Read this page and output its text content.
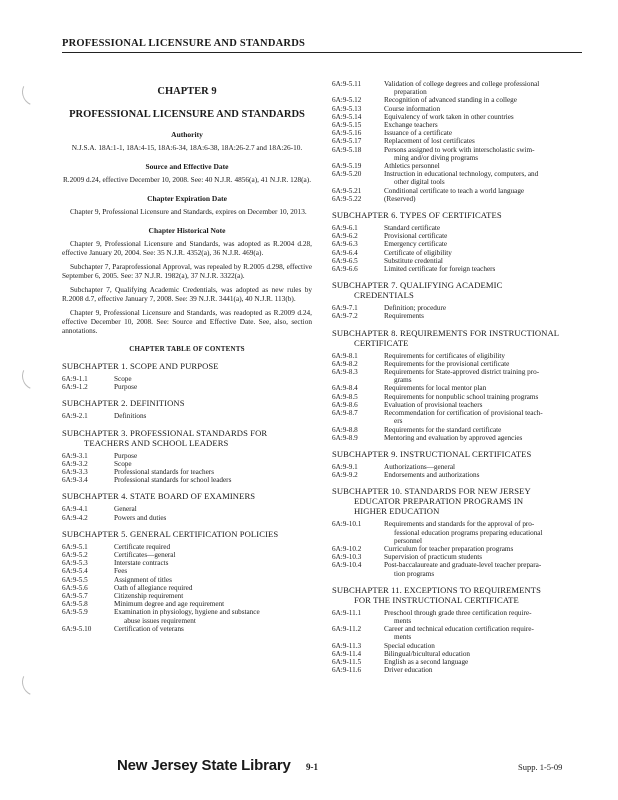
PROFESSIONAL LICENSURE AND STANDARDS
CHAPTER 9
PROFESSIONAL LICENSURE AND STANDARDS
Authority
N.J.S.A. 18A:1-1, 18A:4-15, 18A:6-34, 18A:6-38, 18A:26-2.7 and 18A:26-10.
Source and Effective Date
R.2009 d.24, effective December 10, 2008. See: 40 N.J.R. 4856(a), 41 N.J.R. 128(a).
Chapter Expiration Date

Chapter 9, Professional Licensure and Standards, expires on December 10, 2013.

Chapter Historical Note

Chapter 9, Professional Licensure and Standards, was adopted as R.2004 d.28, effective January 20, 2004. See: 35 N.J.R. 4352(a), 36 N.J.R. 469(a).

Subchapter 7, Paraprofessional Approval, was repealed by R.2005 d.298, effective September 6, 2005. See: 37 N.J.R. 1982(a), 37 N.J.R. 3322(a).

Subchapter 7, Qualifying Academic Credentials, was adopted as new rules by R.2008 d.7, effective January 7, 2008. See: 39 N.J.R. 3441(a), 40 N.J.R. 113(b).

Chapter 9, Professional Licensure and Standards, was readopted as R.2009 d.24, effective December 10, 2008. See: Source and Effective Date. See, also, section annotations.

CHAPTER TABLE OF CONTENTS
SUBCHAPTER 1. SCOPE AND PURPOSE
6A:9-1.1	Scope
6A:9-1.2	Purpose
SUBCHAPTER 2. DEFINITIONS
6A:9-2.1	Definitions
SUBCHAPTER 3. PROFESSIONAL STANDARDS FOR
TEACHERS AND SCHOOL LEADERS
6A:9-3.1	Purpose
6A:9-3.2	Scope
6A:9-3.3	Professional standards for teachers
6A:9-3.4	Professional standards for school leaders
SUBCHAPTER 4. STATE BOARD OF EXAMINERS
6A:9-4.1	General
6A:9-4.2	Powers and duties
SUBCHAPTER 5. GENERAL CERTIFICATION POLICIES
6A:9-5.1	Certificate required
6A:9-5.2	Certificates—general
6A:9-5.3	Interstate contracts
6A:9-5.4	Fees
6A:9-5.5	Assignment of titles
6A:9-5.6	Oath of allegiance required
6A:9-5.7	Citizenship requirement
6A:9-5.8	Minimum degree and age requirement
6A:9-5.9	Examination in physiology, hygiene and substance
abuse issues requirement
6A:9-5.10	Certification of veterans
6A:9-5.11	Validation of college degrees and college professional
preparation
6A:9-5.12	Recognition of advanced standing in a college
6A:9-5.13	Course information
6A:9-5.14	Equivalency of work taken in other countries
6A:9-5.15	Exchange teachers
6A:9-5.16	Issuance of a certificate
6A:9-5.17	Replacement of lost certificates
6A:9-5.18	Persons assigned to work with interscholastic swim-
ming and/or diving programs
6A:9-5.19	Athletics personnel
6A:9-5.20	Instruction in educational technology, computers, and
other digital tools
6A:9-5.21	Conditional certificate to teach a world language
6A:9-5.22	(Reserved)
SUBCHAPTER 6. TYPES OF CERTIFICATES
6A:9-6.1	Standard certificate
6A:9-6.2	Provisional certificate
6A:9-6.3	Emergency certificate
6A:9-6.4	Certificate of eligibility
6A:9-6.5	Substitute credential
6A:9-6.6	Limited certificate for foreign teachers
SUBCHAPTER 7. QUALIFYING ACADEMIC
CREDENTIALS
6A:9-7.1	Definition; procedure
6A:9-7.2	Requirements
SUBCHAPTER 8. REQUIREMENTS FOR INSTRUCTIONAL
CERTIFICATE
6A:9-8.1	Requirements for certificates of eligibility
6A:9-8.2	Requirements for the provisional certificate
6A:9-8.3	Requirements for State-approved district training pro-
grams
6A:9-8.4	Requirements for local mentor plan
6A:9-8.5	Requirements for nonpublic school training programs
6A:9-8.6	Evaluation of provisional teachers
6A:9-8.7	Recommendation for certification of provisional teach-
ers
6A:9-8.8	Requirements for the standard certificate
6A:9-8.9	Mentoring and evaluation by approved agencies
SUBCHAPTER 9. INSTRUCTIONAL CERTIFICATES
6A:9-9.1	Authorizations—general
6A:9-9.2	Endorsements and authorizations
SUBCHAPTER 10. STANDARDS FOR NEW JERSEY
EDUCATOR PREPARATION PROGRAMS IN
HIGHER EDUCATION
6A:9-10.1	Requirements and standards for the approval of pro-
fessional education programs preparing educational
personnel
6A:9-10.2	Curriculum for teacher preparation programs
6A:9-10.3	Supervision of practicum students
6A:9-10.4	Post-baccalaureate and graduate-level teacher prepara-
tion programs
SUBCHAPTER 11. EXCEPTIONS TO REQUIREMENTS
FOR THE INSTRUCTIONAL CERTIFICATE
6A:9-11.1	Preschool through grade three certification require-
ments
6A:9-11.2	Career and technical education certification require-
ments
6A:9-11.3	Special education
6A:9-11.4	Bilingual/bicultural education
6A:9-11.5	English as a second language
6A:9-11.6	Driver education
New Jersey State Library 9-1	Supp. 1-5-09
